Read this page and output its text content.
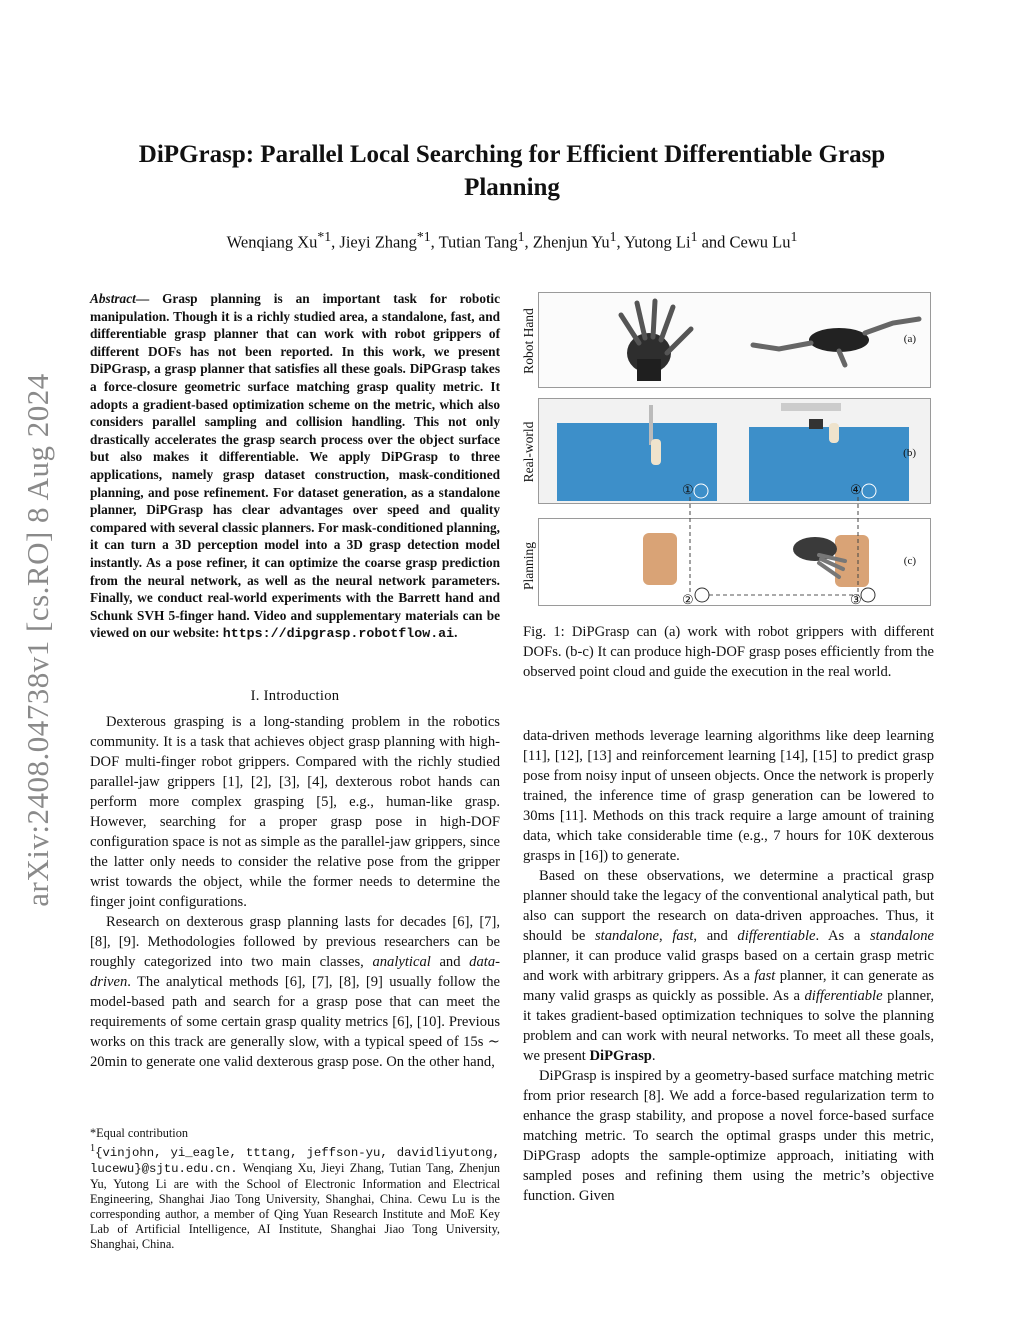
arXiv:2408.04738v1 [cs.RO] 8 Aug 2024
DiPGrasp: Parallel Local Searching for Efficient Differentiable Grasp Planning
Wenqiang Xu$^{*1}$, Jieyi Zhang$^{*1}$, Tutian Tang$^1$, Zhenjun Yu$^1$, Yutong Li$^1$ and Cewu Lu$^1$
Abstract— Grasp planning is an important task for robotic manipulation. Though it is a richly studied area, a standalone, fast, and differentiable grasp planner that can work with robot grippers of different DOFs has not been reported. In this work, we present DiPGrasp, a grasp planner that satisfies all these goals. DiPGrasp takes a force-closure geometric surface matching grasp quality metric. It adopts a gradient-based optimization scheme on the metric, which also considers parallel sampling and collision handling. This not only drastically accelerates the grasp search process over the object surface but also makes it differentiable. We apply DiPGrasp to three applications, namely grasp dataset construction, mask-conditioned planning, and pose refinement. For dataset generation, as a standalone planner, DiPGrasp has clear advantages over speed and quality compared with several classic planners. For mask-conditioned planning, it can turn a 3D perception model into a 3D grasp detection model instantly. As a pose refiner, it can optimize the coarse grasp prediction from the neural network, as well as the neural network parameters. Finally, we conduct real-world experiments with the Barrett hand and Schunk SVH 5-finger hand. Video and supplementary materials can be viewed on our website: https://dipgrasp.robotflow.ai.

I. Introduction

Dexterous grasping is a long-standing problem in the robotics community. It is a task that achieves object grasp planning with high-DOF multi-finger robot grippers. Compared with the richly studied parallel-jaw grippers [1], [2], [3], [4], dexterous robot hands can perform more complex grasping [5], e.g., human-like grasp. However, searching for a proper grasp pose in high-DOF configuration space is not as simple as the parallel-jaw grippers, since the latter only needs to consider the relative pose from the gripper wrist towards the object, while the former needs to determine the finger joint configurations.

Research on dexterous grasp planning lasts for decades [6], [7], [8], [9]. Methodologies followed by previous researchers can be roughly categorized into two main classes, analytical and data-driven. The analytical methods [6], [7], [8], [9] usually follow the model-based path and search for a grasp pose that can meet the requirements of some certain grasp quality metrics [6], [10]. Previous works on this track are generally slow, with a typical speed of 15s ∼ 20min to generate one valid dexterous grasp pose. On the other hand,

*Equal contribution

$^1${vinjohn, yi_eagle, tttang, jeffson-yu, davidliyutong, lucewu}@sjtu.edu.cn. Wenqiang Xu, Jieyi Zhang, Tutian Tang, Zhenjun Yu, Yutong Li are with the School of Electronic Information and Electrical Engineering, Shanghai Jiao Tong University, Shanghai, China. Cewu Lu is the corresponding author, a member of Qing Yuan Research Institute and MoE Key Lab of Artificial Intelligence, AI Institute, Shanghai Jiao Tong University, Shanghai, China.

Robot Hand	(a)
Real-world	(b)
Planning	(c)
①	④
②	③
Fig. 1: DiPGrasp can (a) work with robot grippers with different DOFs. (b-c) It can produce high-DOF grasp poses efficiently from the observed point cloud and guide the execution in the real world.

data-driven methods leverage learning algorithms like deep learning [11], [12], [13] and reinforcement learning [14], [15] to predict grasp pose from noisy input of unseen objects. Once the network is properly trained, the inference time of grasp generation can be lowered to 30ms [11]. Methods on this track require a large amount of training data, which take considerable time (e.g., 7 hours for 10K dexterous grasps in [16]) to generate.

Based on these observations, we determine a practical grasp planner should take the legacy of the conventional analytical path, but also can support the research on data-driven approaches. Thus, it should be standalone, fast, and differentiable. As a standalone planner, it can produce valid grasps based on a certain grasp metric and work with arbitrary grippers. As a fast planner, it can generate as many valid grasps as quickly as possible. As a differentiable planner, it takes gradient-based optimization techniques to solve the planning problem and can work with neural networks. To meet all these goals, we present DiPGrasp.

DiPGrasp is inspired by a geometry-based surface matching metric from prior research [8]. We add a force-based regularization term to enhance the grasp stability, and propose a novel force-based surface matching metric. To search the optimal grasps under this metric, DiPGrasp adopts the sample-optimize approach, initiating with sampled poses and refining them using the metric’s objective function. Given
